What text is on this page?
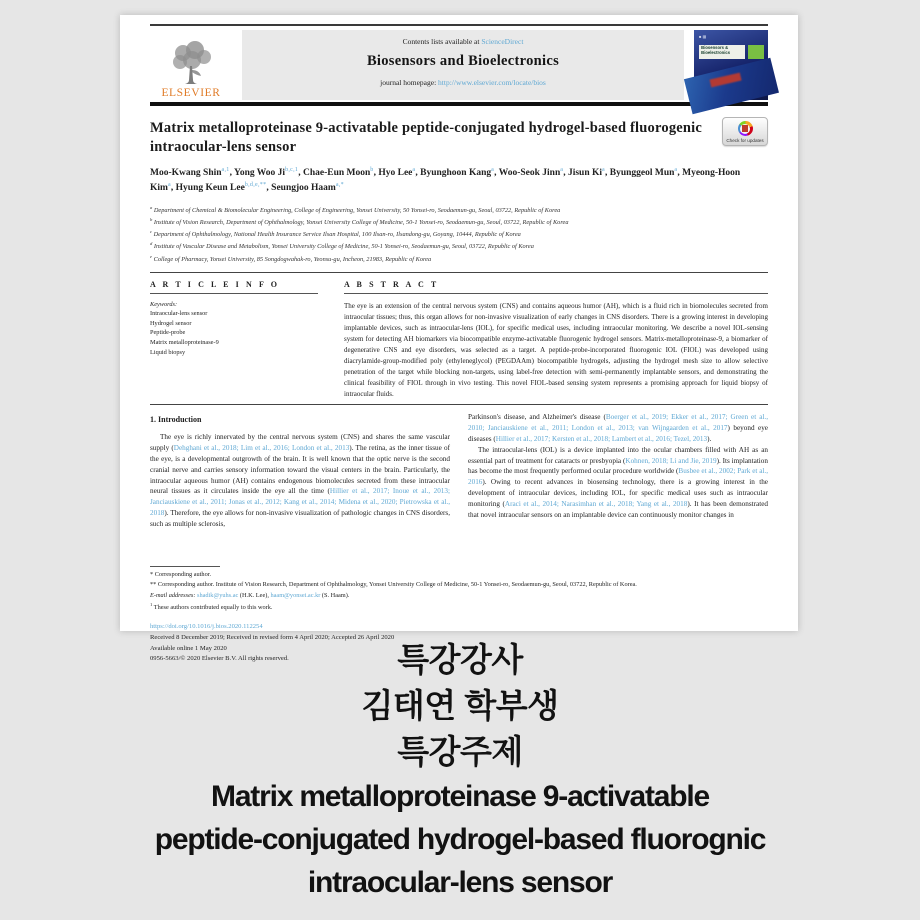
ELSEVIER
Contents lists available at ScienceDirect
Biosensors and Bioelectronics
journal homepage: http://www.elsevier.com/locate/bios
■ ▦
Biosensors &
Bioelectronics
Matrix metalloproteinase 9-activatable peptide-conjugated hydrogel-based fluorogenic intraocular-lens sensor	Check for updates

Moo-Kwang Shin$^{a,1}$, Yong Woo Ji$^{b,c,1}$, Chae-Eun Moon$^b$, Hyo Lee$^a$, Byunghoon Kang$^a$, Woo-Seok Jinn$^a$, Jisun Ki$^a$, Byunggeol Mun$^a$, Myeong-Hoon Kim$^a$, Hyung Keun Lee$^{b,d,e,**}$, Seungjoo Haam$^{a,*}$

$^a$ Department of Chemical & Biomolecular Engineering, College of Engineering, Yonsei University, 50 Yonsei-ro, Seodaemun-gu, Seoul, 03722, Republic of Korea
$^b$ Institute of Vision Research, Department of Ophthalmology, Yonsei University College of Medicine, 50-1 Yonsei-ro, Seodaemun-gu, Seoul, 03722, Republic of Korea
$^c$ Department of Ophthalmology, National Health Insurance Service Ilsan Hospital, 100 Ilsan-ro, Ilsandong-gu, Goyang, 10444, Republic of Korea
$^d$ Institute of Vascular Disease and Metabolism, Yonsei University College of Medicine, 50-1 Yonsei-ro, Seodaemun-gu, Seoul, 03722, Republic of Korea
$^e$ College of Pharmacy, Yonsei University, 85 Songdogwahak-ro, Yeonsu-gu, Incheon, 21983, Republic of Korea
A R T I C L E I N F O
Keywords:
Intraocular-lens sensor
Hydrogel sensor
Peptide-probe
Matrix metalloproteinase-9
Liquid biopsy
A B S T R A C T

The eye is an extension of the central nervous system (CNS) and contains aqueous humor (AH), which is a fluid rich in biomolecules secreted from intraocular tissues; thus, this organ allows for non-invasive visualization of early changes in CNS disorders. There is a growing interest in developing implantable devices, such as intraocular-lens (IOL), for specific medical uses, including intraocular monitoring. We describe a novel IOL-sensing system for detecting AH biomarkers via biocompatible enzyme-activatable fluorogenic hydrogel sensors. Matrix-metalloproteinase-9, a biomarker of degenerative CNS and eye disorders, was selected as a target. A peptide-probe-incorporated fluorogenic IOL (FIOL) was developed using diacrylamide-group-modified poly (ethyleneglycol) (PEGDAAm) biocompatible hydrogels, adjusting the hydrogel mesh size to allow selective penetration of the target while blocking non-targets, using label-free detection with semi-permanently implantable sensors, and demonstrating the clinical feasibility of FIOL through in vivo testing. This novel FIOL-based sensing system represents a promising approach for liquid biopsy of intraocular fluids.

1. Introduction

The eye is richly innervated by the central nervous system (CNS) and shares the same vascular supply (Dehghani et al., 2018; Lim et al., 2016; London et al., 2013). The retina, as the inner tissue of the eye, is a developmental outgrowth of the brain. It is well known that the optic nerve is the second cranial nerve and carries sensory information toward the visual centers in the brain. Particularly, the intraocular aqueous humor (AH) contains endogenous biomolecules secreted from these intraocular neural tissues as it circulates inside the eye all the time (Hillier et al., 2017; Inoue et al., 2013; Janciauskiene et al., 2011; Jonas et al., 2012; Kang et al., 2014; Midena et al., 2020; Pietrowska et al., 2018). Therefore, the eye allows for non-invasive visualization of pathologic changes in CNS disorders, such as multiple sclerosis,

Parkinson's disease, and Alzheimer's disease (Boerger et al., 2019; Ekker et al., 2017; Green et al., 2010; Janciauskiene et al., 2011; London et al., 2013; van Wijngaarden et al., 2017) beyond eye diseases (Hillier et al., 2017; Kersten et al., 2018; Lambert et al., 2016; Tezel, 2013).

The intraocular-lens (IOL) is a device implanted into the ocular chambers filled with AH as an essential part of treatment for cataracts or presbyopia (Kohnen, 2018; Li and Jie, 2019). Its implantation has become the most frequently performed ocular procedure worldwide (Busbee et al., 2002; Park et al., 2016). Owing to recent advances in biosensing technology, there is a growing interest in the development of intraocular devices, including IOL, for specific medical uses such as intraocular monitoring (Araci et al., 2014; Narasimhan et al., 2018; Yang et al., 2018). It has been demonstrated that novel intraocular sensors on an implantable device can continuously monitor changes in

* Corresponding author.
** Corresponding author. Institute of Vision Research, Department of Ophthalmology, Yonsei University College of Medicine, 50-1 Yonsei-ro, Seodaemun-gu, Seoul, 03722, Republic of Korea.
E-mail addresses: shadik@yuhs.ac (H.K. Lee), haam@yonsei.ac.kr (S. Haam).
$^1$ These authors contributed equally to this work.
https://doi.org/10.1016/j.bios.2020.112254
Received 8 December 2019; Received in revised form 4 April 2020; Accepted 26 April 2020
Available online 1 May 2020
0956-5663/© 2020 Elsevier B.V. All rights reserved.	특강강사
김태연 학부생
특강주제
Matrix metalloproteinase 9-activatable
peptide-conjugated hydrogel-based fluorognic
intraocular-lens sensor
